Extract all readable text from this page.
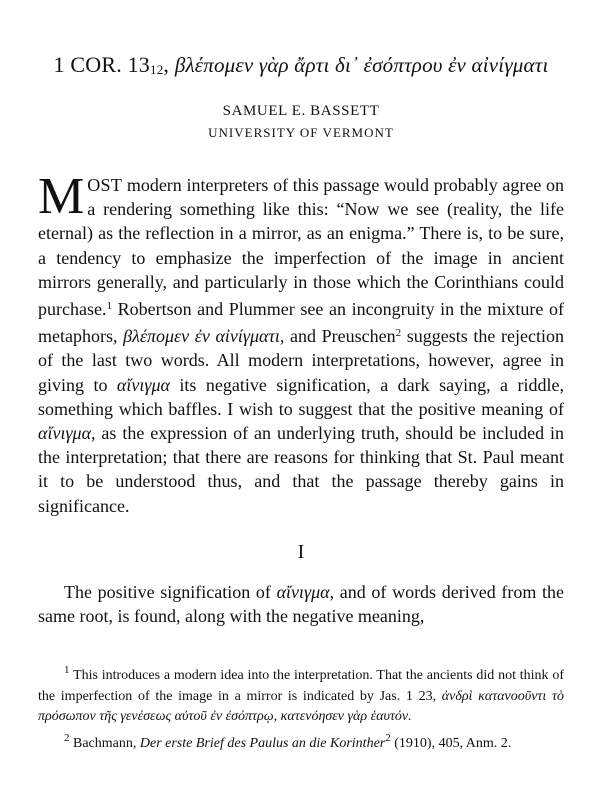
1 COR. $13_{12}$, βλέπομεν γὰρ ἄρτι δι᾽ ἐσόπτρου ἐν αἰνίγματι
SAMUEL E. BASSETT
UNIVERSITY OF VERMONT
MOST modern interpreters of this passage would probably agree on a rendering something like this: “Now we see (reality, the life eternal) as the reflection in a mirror, as an enigma.” There is, to be sure, a tendency to emphasize the imperfection of the image in ancient mirrors generally, and particularly in those which the Corinthians could purchase.$^1$ Robertson and Plummer see an incongruity in the mixture of metaphors, βλέπομεν ἐν αἰνίγματι, and Preuschen$^2$ suggests the rejection of the last two words. All modern interpretations, however, agree in giving to αἴνιγμα its negative signification, a dark saying, a riddle, something which baffles. I wish to suggest that the positive meaning of αἴνιγμα, as the expression of an underlying truth, should be included in the interpretation; that there are reasons for thinking that St. Paul meant it to be understood thus, and that the passage thereby gains in significance.
I
The positive signification of αἴνιγμα, and of words derived from the same root, is found, along with the negative meaning,

$^1$ This introduces a modern idea into the interpretation. That the ancients did not think of the imperfection of the image in a mirror is indicated by Jas. 1 23, ἀνδρὶ κατανοοῦντι τὸ πρόσωπον τῆς γενέσεως αὐτοῦ ἐν ἐσόπτρῳ, κατενόησεν γὰρ ἑαυτόν.

$^2$ Bachmann, Der erste Brief des Paulus an die Korinther$^2$ (1910), 405, Anm. 2.
